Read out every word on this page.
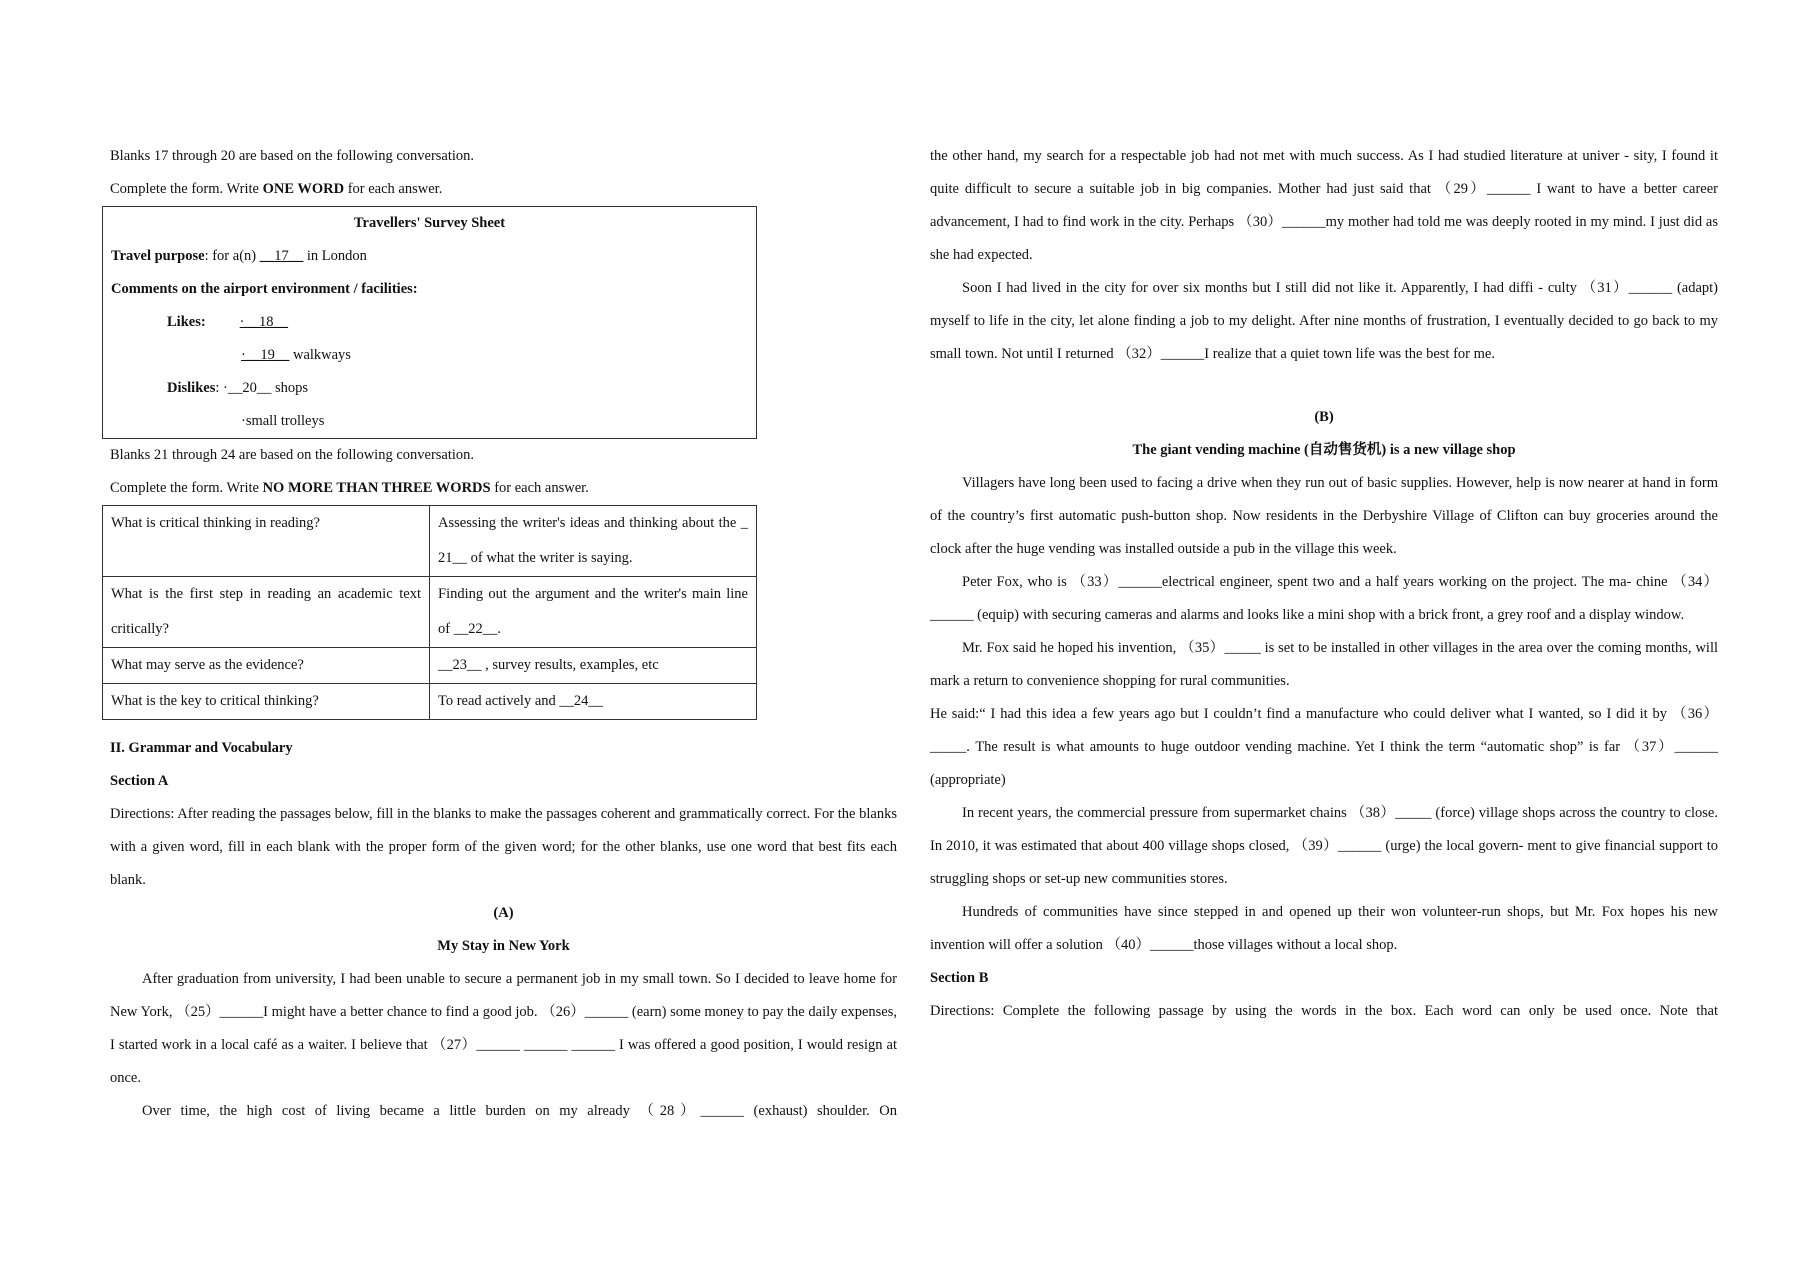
Blanks 17 through 20 are based on the following conversation.

Complete the form. Write ONE WORD for each answer.

Travellers' Survey Sheet
Travel purpose: for a(n) __17__ in London
Comments on the airport environment / facilities:
Likes: ·__18__
·__19__ walkways
Dislikes: ·__20__ shops
·small trolleys

Blanks 21 through 24 are based on the following conversation.

Complete the form. Write NO MORE THAN THREE WORDS for each answer.

What is critical thinking in reading?	Assessing the writer's ideas and thinking about the _ 21__ of what the writer is saying.
What is the first step in reading an academic text critically?	Finding out the argument and the writer's main line of __22__.
What may serve as the evidence?	__23__ , survey results, examples, etc
What is the key to critical thinking?	To read actively and __24__

II. Grammar and Vocabulary

Section A

Directions: After reading the passages below, fill in the blanks to make the passages coherent and grammatically correct. For the blanks with a given word, fill in each blank with the proper form of the given word; for the other blanks, use one word that best fits each blank.

(A)

My Stay in New York

After graduation from university, I had been unable to secure a permanent job in my small town. So I decided to leave home for New York, （25）______I might have a better chance to find a good job. （26）______ (earn) some money to pay the daily expenses, I started work in a local café as a waiter. I believe that （27）______ ______ ______ I was offered a good position, I would resign at once.

Over time, the high cost of living became a little burden on my already （28）______ (exhaust) shoulder. On

the other hand, my search for a respectable job had not met with much success. As I had studied literature at univer - sity, I found it quite difficult to secure a suitable job in big companies. Mother had just said that （29）______ I want to have a better career advancement, I had to find work in the city. Perhaps （30）______my mother had told me was deeply rooted in my mind. I just did as she had expected.

Soon I had lived in the city for over six months but I still did not like it. Apparently, I had diffi - culty （31）______ (adapt) myself to life in the city, let alone finding a job to my delight. After nine months of frustration, I eventually decided to go back to my small town. Not until I returned （32）______I realize that a quiet town life was the best for me.

(B)

The giant vending machine (自动售货机) is a new village shop

Villagers have long been used to facing a drive when they run out of basic supplies. However, help is now nearer at hand in form of the country’s first automatic push-button shop. Now residents in the Derbyshire Village of Clifton can buy groceries around the clock after the huge vending was installed outside a pub in the village this week.

Peter Fox, who is （33）______electrical engineer, spent two and a half years working on the project. The ma- chine （34）______ (equip) with securing cameras and alarms and looks like a mini shop with a brick front, a grey roof and a display window.

Mr. Fox said he hoped his invention, （35）_____ is set to be installed in other villages in the area over the coming months, will mark a return to convenience shopping for rural communities.

He said:“ I had this idea a few years ago but I couldn’t find a manufacture who could deliver what I wanted, so I did it by （36）_____. The result is what amounts to huge outdoor vending machine. Yet I think the term “automatic shop” is far （37）______ (appropriate)

In recent years, the commercial pressure from supermarket chains （38）_____ (force) village shops across the country to close. In 2010, it was estimated that about 400 village shops closed, （39）______ (urge) the local govern- ment to give financial support to struggling shops or set-up new communities stores.

Hundreds of communities have since stepped in and opened up their won volunteer-run shops, but Mr. Fox hopes his new invention will offer a solution （40）______those villages without a local shop.

Section B

Directions: Complete the following passage by using the words in the box. Each word can only be used once. Note that
